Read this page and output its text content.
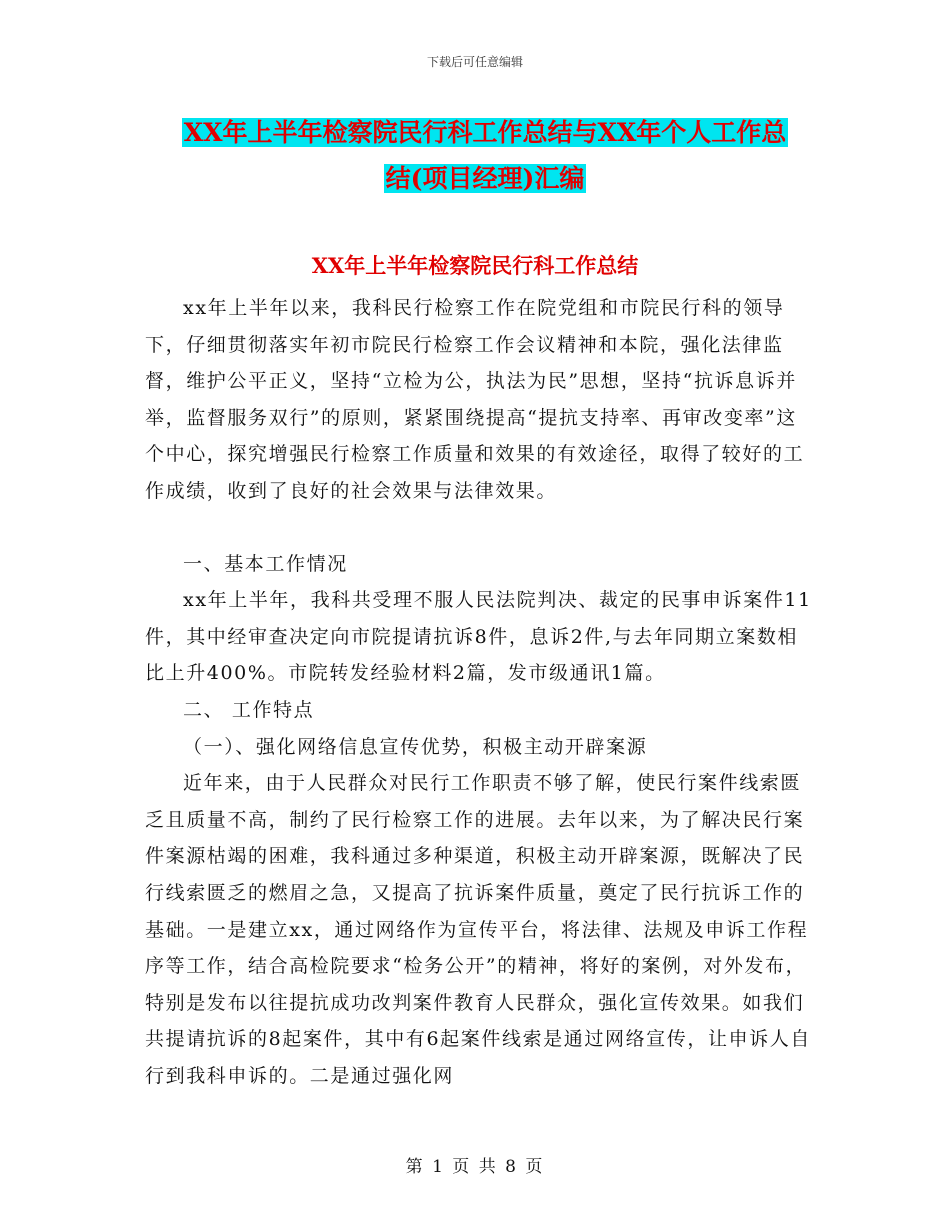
下载后可任意编辑
XX年上半年检察院民行科工作总结与XX年个人工作总
结(项目经理)汇编
XX年上半年检察院民行科工作总结

xx年上半年以来，我科民行检察工作在院党组和市院民行科的领导下，仔细贯彻落实年初市院民行检察工作会议精神和本院，强化法律监督，维护公平正义，坚持“立检为公，执法为民”思想，坚持“抗诉息诉并举，监督服务双行”的原则，紧紧围绕提高“提抗支持率、再审改变率”这个中心，探究增强民行检察工作质量和效果的有效途径，取得了较好的工作成绩，收到了良好的社会效果与法律效果。

一、基本工作情况

xx年上半年，我科共受理不服人民法院判决、裁定的民事申诉案件11件，其中经审查决定向市院提请抗诉8件，息诉2件,与去年同期立案数相比上升400%。市院转发经验材料2篇，发市级通讯1篇。

二、 工作特点

（一）、强化网络信息宣传优势，积极主动开辟案源

近年来，由于人民群众对民行工作职责不够了解，使民行案件线索匮乏且质量不高，制约了民行检察工作的进展。去年以来，为了解决民行案件案源枯竭的困难，我科通过多种渠道，积极主动开辟案源，既解决了民行线索匮乏的燃眉之急，又提高了抗诉案件质量，奠定了民行抗诉工作的基础。一是建立xx，通过网络作为宣传平台，将法律、法规及申诉工作程序等工作，结合高检院要求“检务公开”的精神，将好的案例，对外发布，特别是发布以往提抗成功改判案件教育人民群众，强化宣传效果。如我们共提请抗诉的8起案件，其中有6起案件线索是通过网络宣传，让申诉人自行到我科申诉的。二是通过强化网

第 1 页 共 8 页
